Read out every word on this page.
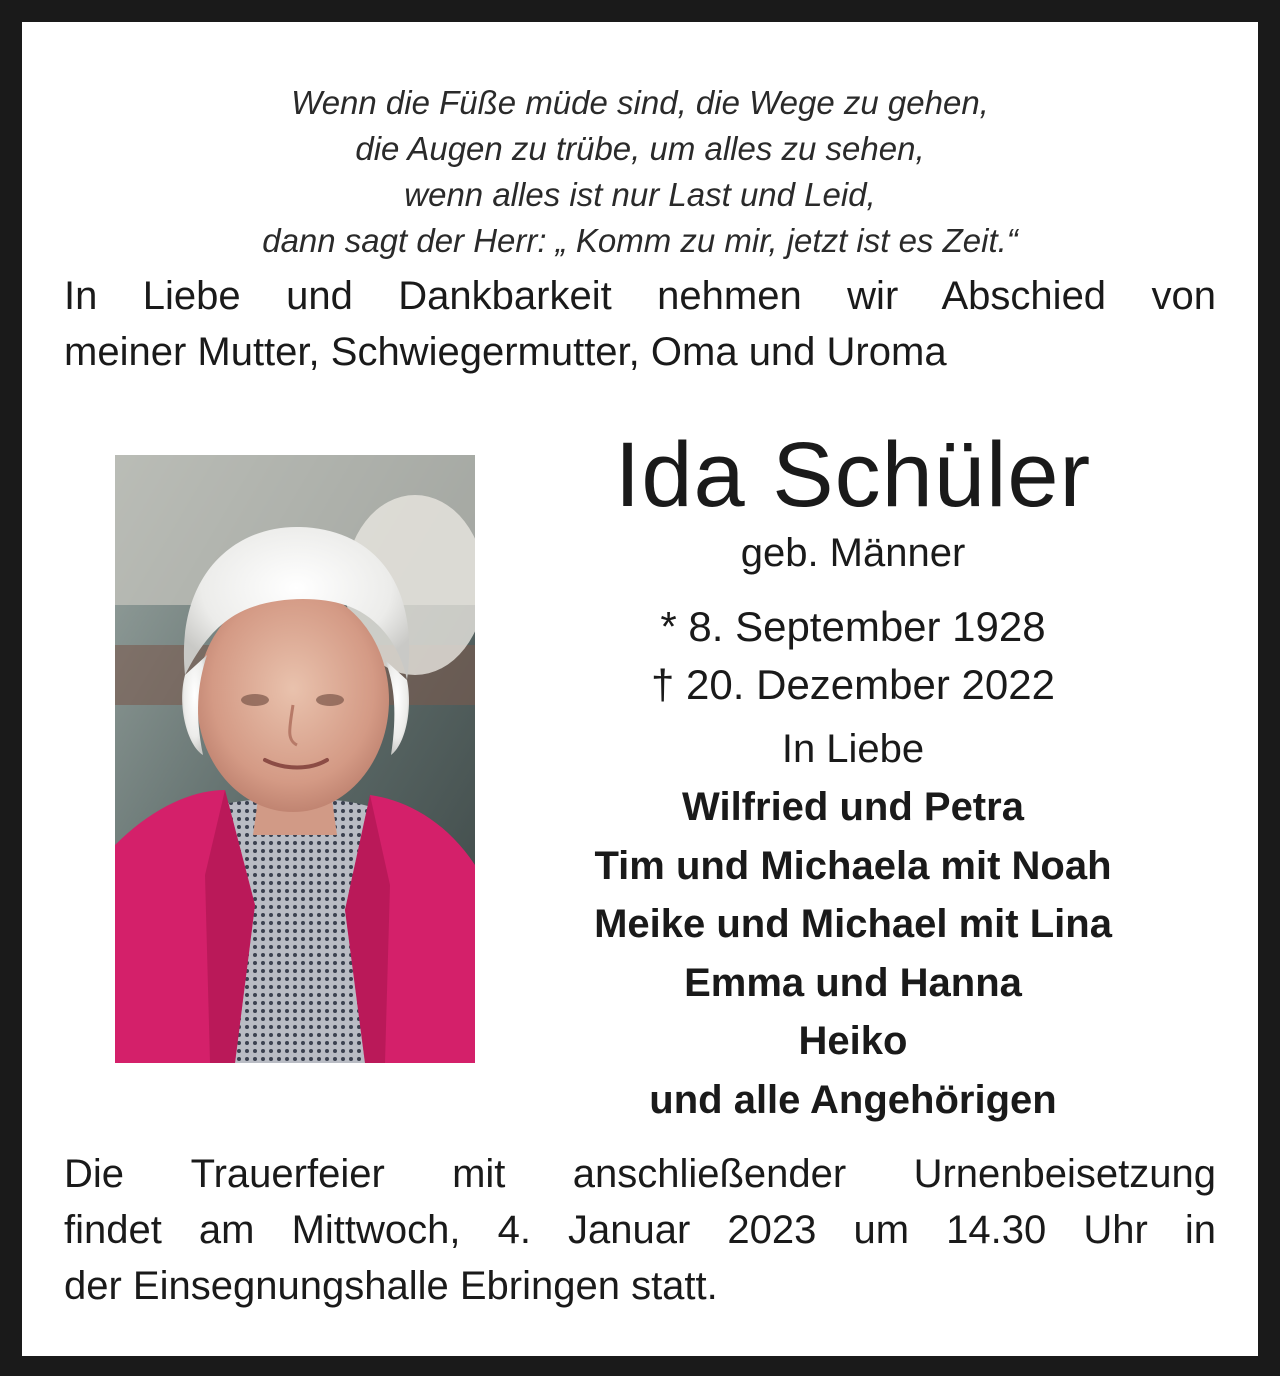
Wenn die Füße müde sind, die Wege zu gehen,
die Augen zu trübe, um alles zu sehen,
wenn alles ist nur Last und Leid,
dann sagt der Herr: „ Komm zu mir, jetzt ist es Zeit.“
In Liebe und Dankbarkeit nehmen wir Abschied von
meiner Mutter, Schwiegermutter, Oma und Uroma
Ida Schüler
geb. Männer
* 8. September 1928
† 20. Dezember 2022
In Liebe
Wilfried und Petra
Tim und Michaela mit Noah
Meike und Michael mit Lina
Emma und Hanna
Heiko
und alle Angehörigen
Die Trauerfeier mit anschließender Urnenbeisetzung
findet am Mittwoch, 4. Januar 2023 um 14.30 Uhr in
der Einsegnungshalle Ebringen statt.
